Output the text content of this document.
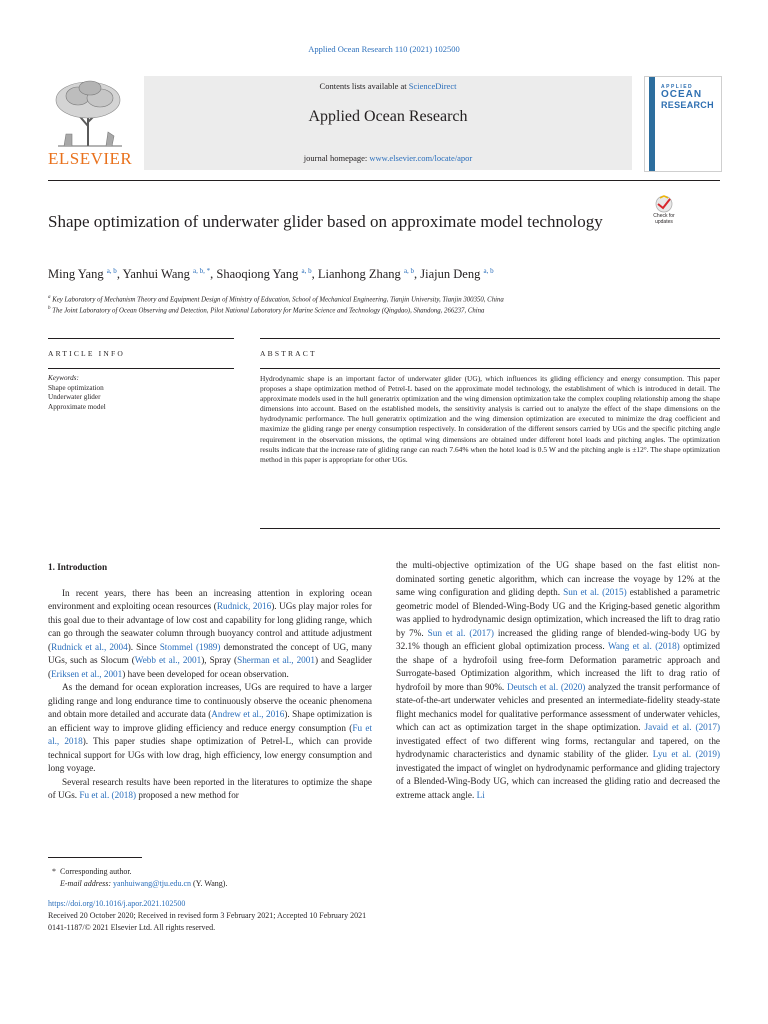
Applied Ocean Research 110 (2021) 102500
ELSEVIER
Contents lists available at ScienceDirect
Applied Ocean Research
journal homepage: www.elsevier.com/locate/apor
APPLIED
OCEAN
RESEARCH
Shape optimization of underwater glider based on approximate model technology	Check for
updates
Ming Yang $^{a, b}$, Yanhui Wang $^{a, b, *}$, Shaoqiong Yang $^{a, b}$, Lianhong Zhang $^{a, b}$, Jiajun Deng $^{a, b}$
$^a$ Key Laboratory of Mechanism Theory and Equipment Design of Ministry of Education, School of Mechanical Engineering, Tianjin University, Tianjin 300350, China
$^b$ The Joint Laboratory of Ocean Observing and Detection, Pilot National Laboratory for Marine Science and Technology (Qingdao), Shandong, 266237, China
ARTICLE INFO	ABSTRACT
Keywords:
Shape optimization
Underwater glider
Approximate model
Hydrodynamic shape is an important factor of underwater glider (UG), which influences its gliding efficiency and energy consumption. This paper proposes a shape optimization method of Petrel-L based on the approximate model technology, the establishment of which is introduced in detail. The approximate models used in the hull generatrix optimization and the wing dimension optimization take the complex coupling relationship among the shape dimensions into account. Based on the established models, the sensitivity analysis is carried out to analyze the effect of the shape dimensions on the hydrodynamic performance. The hull generatrix optimization and the wing dimension optimization are executed to minimize the drag coefficient and maximize the gliding range per energy consumption respectively. In consideration of the different sensors carried by UGs and the specific pitching angle requirement in the observation missions, the optimal wing dimensions are obtained under different hotel loads and pitching angles. The optimization results indicate that the increase rate of gliding range can reach 7.64% when the hotel load is 0.5 W and the pitching angle is ±12°. The shape optimization method in this paper is appropriate for other UGs.
1. Introduction

In recent years, there has been an increasing attention in exploring ocean environment and exploiting ocean resources (Rudnick, 2016). UGs play major roles for this goal due to their advantage of low cost and capability for long gliding range, which can go through the seawater column through buoyancy control and attitude adjustment (Rudnick et al., 2004). Since Stommel (1989) demonstrated the concept of UG, many UGs, such as Slocum (Webb et al., 2001), Spray (Sherman et al., 2001) and Seaglider (Eriksen et al., 2001) have been developed for ocean observation.

As the demand for ocean exploration increases, UGs are required to have a larger gliding range and long endurance time to continuously observe the oceanic phenomena and obtain more detailed and accurate data (Andrew et al., 2016). Shape optimization is an efficient way to improve gliding efficiency and reduce energy consumption (Fu et al., 2018). This paper studies shape optimization of Petrel-L, which can provide technical support for UGs with low drag, high efficiency, low energy consumption and long voyage.

Several research results have been reported in the literatures to optimize the shape of UGs. Fu et al. (2018) proposed a new method for

the multi-objective optimization of the UG shape based on the fast elitist non-dominated sorting genetic algorithm, which can increase the voyage by 12% at the same wing configuration and gliding depth. Sun et al. (2015) established a parametric geometric model of Blended-Wing-Body UG and the Kriging-based genetic algorithm was applied to hydrodynamic design optimization, which increased the lift to drag ratio by 7%. Sun et al. (2017) increased the gliding range of blended-wing-body UG by 32.1% though an efficient global optimization process. Wang et al. (2018) optimized the shape of a hydrofoil using free-form Deformation parametric approach and Surrogate-based Optimization algorithm, which increased the lift to drag ratio of hydrofoil by more than 90%. Deutsch et al. (2020) analyzed the transit performance of state-of-the-art underwater vehicles and presented an intermediate-fidelity steady-state flight mechanics model for qualitative performance assessment of underwater vehicles, which can act as optimization target in the shape optimization. Javaid et al. (2017) investigated effect of two different wing forms, rectangular and tapered, on the hydrodynamic characteristics and dynamic stability of the glider. Lyu et al. (2019) investigated the impact of winglet on hydrodynamic performance and gliding trajectory of a Blended-Wing-Body UG, which can increased the gliding ratio and decreased the extreme attack angle. Li

* Corresponding author.
E-mail address: yanhuiwang@tju.edu.cn (Y. Wang).
https://doi.org/10.1016/j.apor.2021.102500
Received 20 October 2020; Received in revised form 3 February 2021; Accepted 10 February 2021
0141-1187/© 2021 Elsevier Ltd. All rights reserved.
